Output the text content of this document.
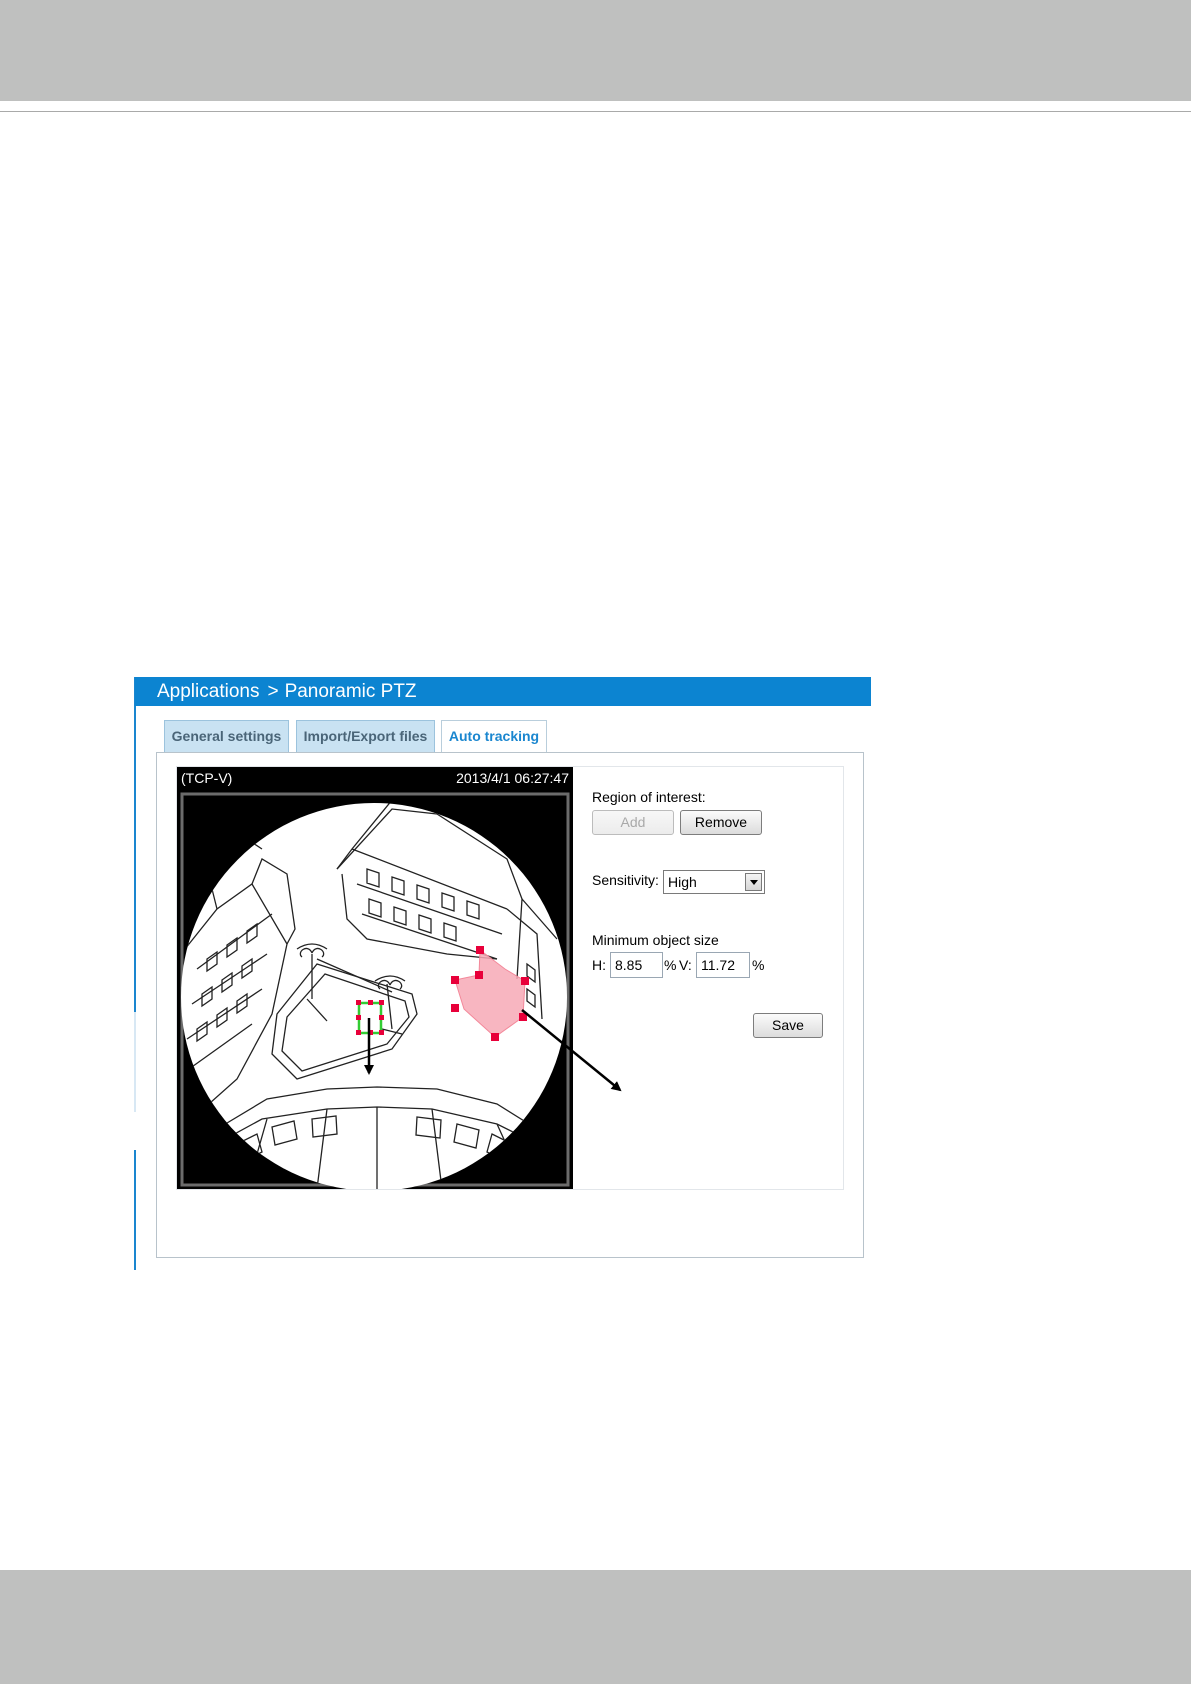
Applications > Panoramic PTZ
General settings	Import/Export files	Auto tracking
(TCP-V)	2013/4/1 06:27:47
Region of interest:
Add	Remove
Sensitivity: High
Minimum object size
H: 8.85	% V: 11.72	%
Save
